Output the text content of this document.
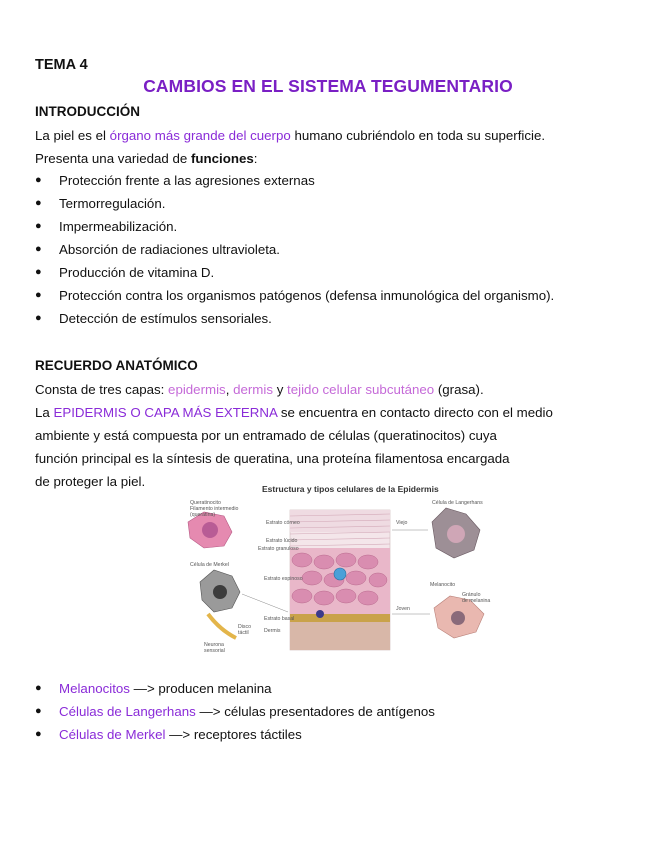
TEMA 4
CAMBIOS EN EL SISTEMA TEGUMENTARIO
INTRODUCCIÓN
La piel es el órgano más grande del cuerpo humano cubriéndolo en toda su superficie.
Presenta una variedad de funciones:
● Protección frente a las agresiones externas
● Termorregulación.
● Impermeabilización.
● Absorción de radiaciones ultravioleta.
● Producción de vitamina D.
● Protección contra los organismos patógenos (defensa inmunológica del organismo).
● Detección de estímulos sensoriales.
RECUERDO ANATÓMICO
Consta de tres capas: epidermis, dermis y tejido celular subcutáneo (grasa).
La EPIDERMIS O CAPA MÁS EXTERNA se encuentra en contacto directo con el medio
ambiente y está compuesta por un entramado de células (queratinocitos) cuya
función principal es la síntesis de queratina, una proteína filamentosa encargada
de proteger la piel.	Estructura y tipos celulares de la Epidermis
Queratinocito
Filamento intermedio
(queratina)
Célula de Merkel
Disco
táctil
Neurona
sensorial
Estrato córneo
Estrato lúcido
Estrato granuloso
Estrato espinoso
Estrato basal
Dermis
Viejo
Joven
Célula de Langerhans
Melanocito
Gránulo
de melanina
● Melanocitos —> producen melanina
● Células de Langerhans —> células presentadores de antígenos
● Células de Merkel —> receptores táctiles
